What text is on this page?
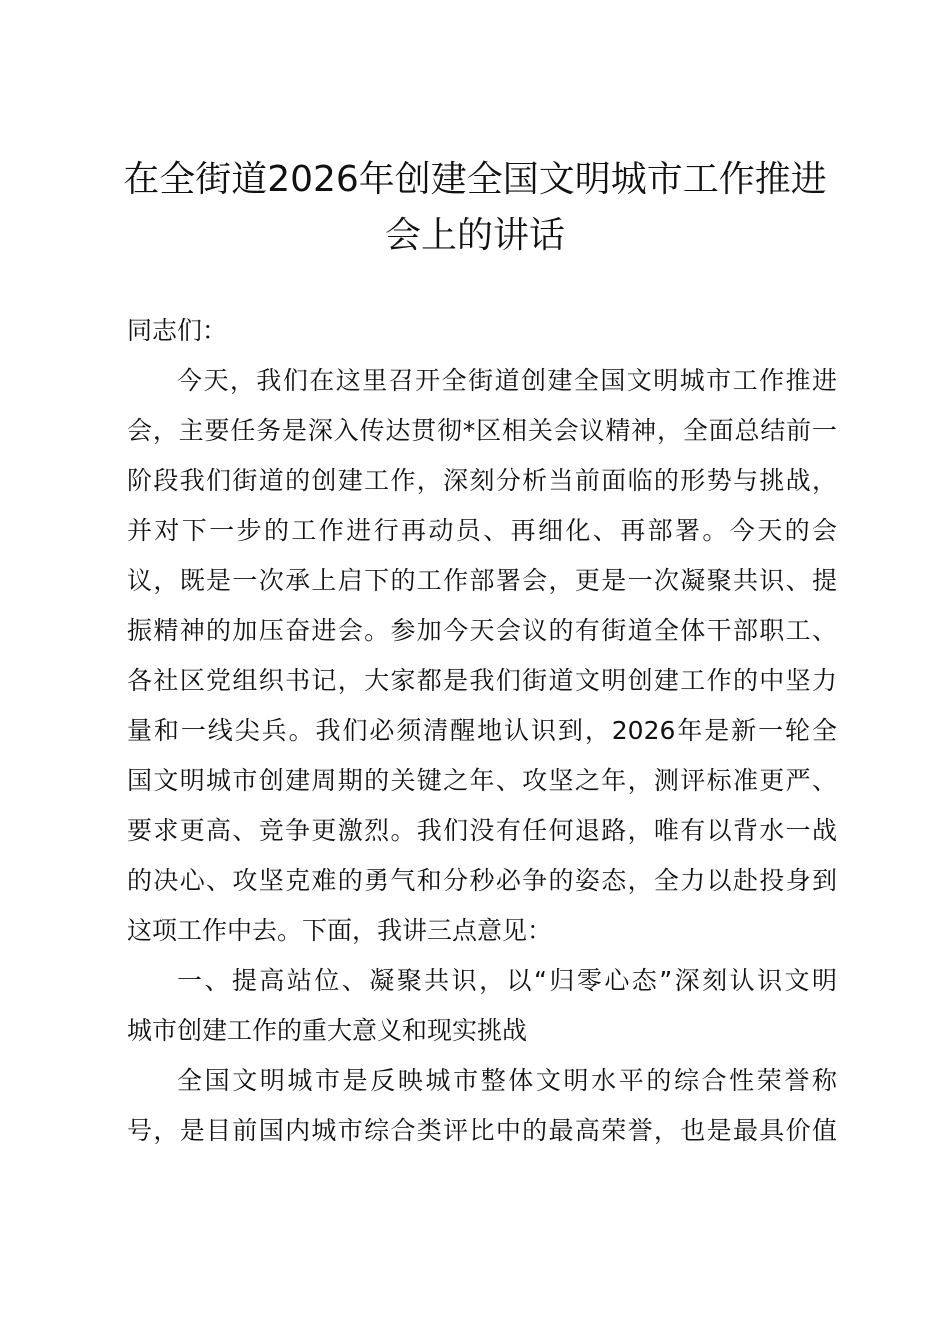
在全街道2026年创建全国文明城市工作推进
会上的讲话
同志们：
今天，我们在这里召开全街道创建全国文明城市工作推进
会，主要任务是深入传达贯彻*区相关会议精神，全面总结前一
阶段我们街道的创建工作，深刻分析当前面临的形势与挑战，
并对下一步的工作进行再动员、再细化、再部署。今天的会
议，既是一次承上启下的工作部署会，更是一次凝聚共识、提
振精神的加压奋进会。参加今天会议的有街道全体干部职工、
各社区党组织书记，大家都是我们街道文明创建工作的中坚力
量和一线尖兵。我们必须清醒地认识到，2026年是新一轮全
国文明城市创建周期的关键之年、攻坚之年，测评标准更严、
要求更高、竞争更激烈。我们没有任何退路，唯有以背水一战
的决心、攻坚克难的勇气和分秒必争的姿态，全力以赴投身到
这项工作中去。下面，我讲三点意见：
一、提高站位、凝聚共识，以“归零心态”深刻认识文明
城市创建工作的重大意义和现实挑战
全国文明城市是反映城市整体文明水平的综合性荣誉称
号，是目前国内城市综合类评比中的最高荣誉，也是最具价值
